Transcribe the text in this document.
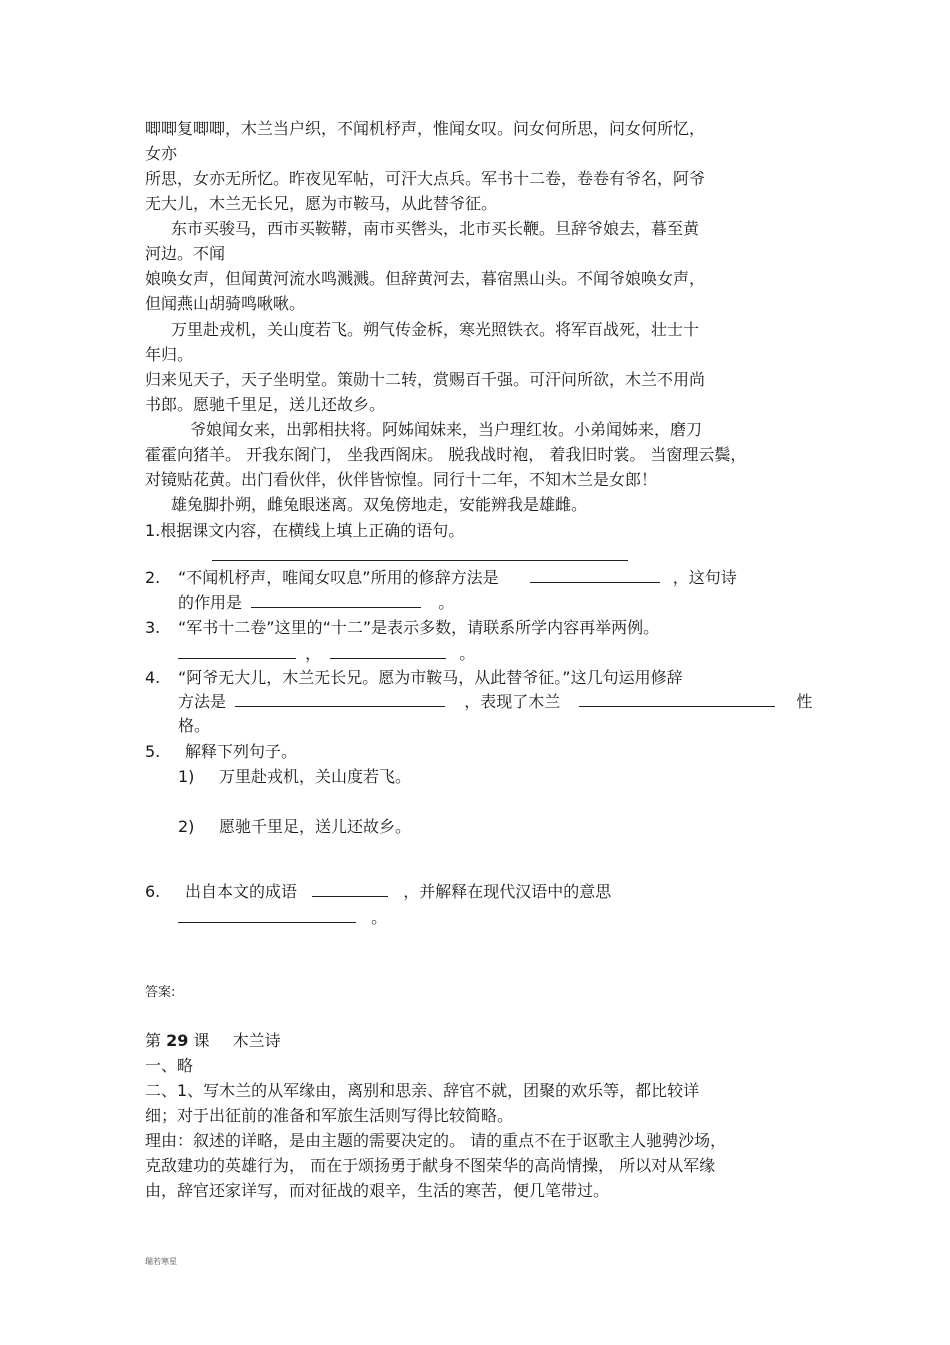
唧唧复唧唧，木兰当户织，不闻机杼声，惟闻女叹。问女何所思，问女何所忆，
女亦
所思，女亦无所忆。昨夜见军帖，可汗大点兵。军书十二卷，卷卷有爷名，阿爷
无大儿，木兰无长兄，愿为市鞍马，从此替爷征。
东市买骏马，西市买鞍鞯，南市买辔头，北市买长鞭。旦辞爷娘去，暮至黄
河边。不闻
娘唤女声，但闻黄河流水鸣溅溅。但辞黄河去，暮宿黑山头。不闻爷娘唤女声，
但闻燕山胡骑鸣啾啾。
万里赴戎机，关山度若飞。朔气传金柝，寒光照铁衣。将军百战死，壮士十
年归。
归来见天子，天子坐明堂。策勋十二转，赏赐百千强。可汗问所欲，木兰不用尚
书郎。愿驰千里足，送儿还故乡。
爷娘闻女来，出郭相扶将。阿姊闻妹来，当户理红妆。小弟闻姊来，磨刀
霍霍向猪羊。 开我东阁门， 坐我西阁床。 脱我战时袍， 着我旧时裳。 当窗理云鬓，
对镜贴花黄。出门看伙伴，伙伴皆惊惶。同行十二年，不知木兰是女郎！
雄兔脚扑朔，雌兔眼迷离。双兔傍地走，安能辨我是雄雌。
1.根据课文内容，在横线上填上正确的语句。
2. “不闻机杼声，唯闻女叹息”所用的修辞方法是	，这句诗
的作用是	。
3. “军书十二卷”这里的“十二”是表示多数，请联系所学内容再举两例。
，	。
4. “阿爷无大儿，木兰无长兄。愿为市鞍马，从此替爷征。”这几句运用修辞
方法是	，表现了木兰	性
格。
5. 解释下列句子。
1) 万里赴戎机，关山度若飞。
2) 愿驰千里足，送儿还故乡。
6. 出自本文的成语	，并解释在现代汉语中的意思
。
答案:
第 29 课 木兰诗
一、略
二、1、写木兰的从军缘由，离别和思亲、辞官不就，团聚的欢乐等，都比较详
细；对于出征前的准备和军旅生活则写得比较简略。
理由：叙述的详略，是由主题的需要决定的。 请的重点不在于讴歌主人驰骋沙场，
克敌建功的英雄行为， 而在于颂扬勇于献身不图荣华的高尚情操， 所以对从军缘
由，辞官还家详写，而对征战的艰辛，生活的寒苦，便几笔带过。
瑞若寒星
